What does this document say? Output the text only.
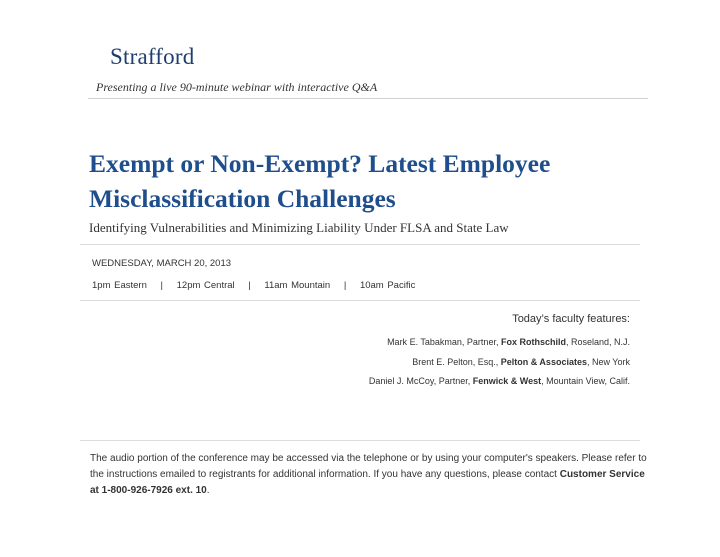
Strafford
Presenting a live 90-minute webinar with interactive Q&A
Exempt or Non-Exempt? Latest Employee Misclassification Challenges
Identifying Vulnerabilities and Minimizing Liability Under FLSA and State Law
WEDNESDAY, MARCH 20, 2013
1pm Eastern | 12pm Central | 11am Mountain | 10am Pacific
Today’s faculty features:
Mark E. Tabakman, Partner, Fox Rothschild, Roseland, N.J.
Brent E. Pelton, Esq., Pelton & Associates, New York
Daniel J. McCoy, Partner, Fenwick & West, Mountain View, Calif.
The audio portion of the conference may be accessed via the telephone or by using your computer's speakers. Please refer to the instructions emailed to registrants for additional information. If you have any questions, please contact Customer Service at 1-800-926-7926 ext. 10.
